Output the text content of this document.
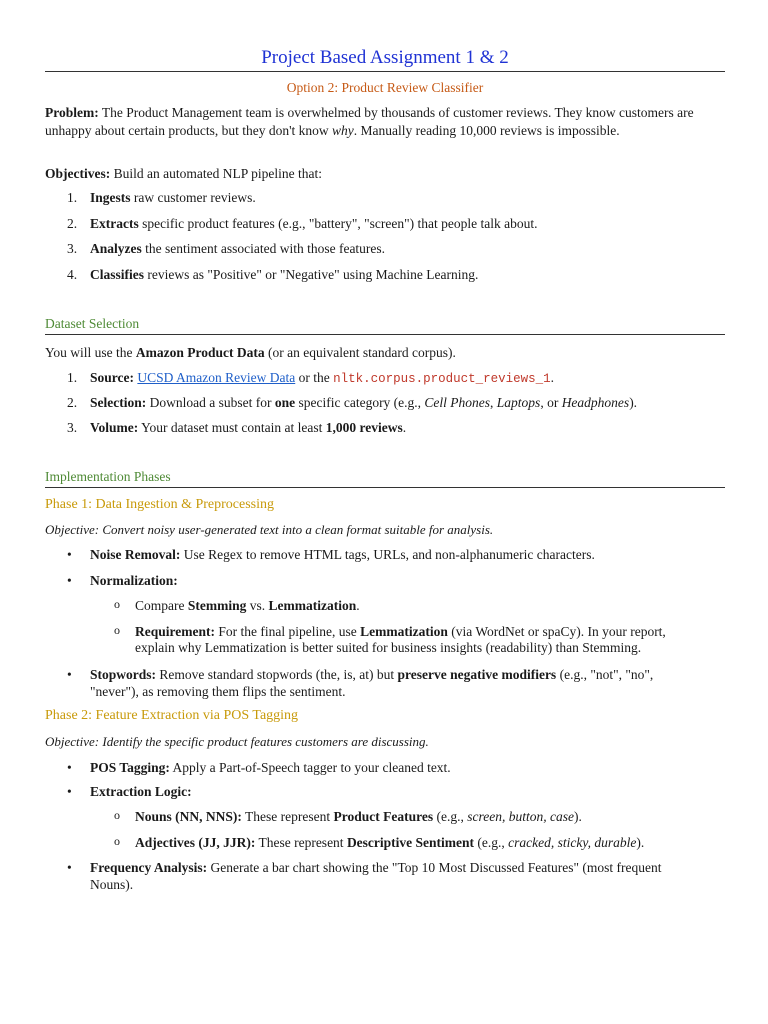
Project Based Assignment 1 & 2
Option 2: Product Review Classifier
Problem: The Product Management team is overwhelmed by thousands of customer reviews. They know customers are unhappy about certain products, but they don't know why. Manually reading 10,000 reviews is impossible.
Objectives: Build an automated NLP pipeline that:
1. Ingests raw customer reviews.
2. Extracts specific product features (e.g., "battery", "screen") that people talk about.
3. Analyzes the sentiment associated with those features.
4. Classifies reviews as "Positive" or "Negative" using Machine Learning.
Dataset Selection
You will use the Amazon Product Data (or an equivalent standard corpus).
1. Source: UCSD Amazon Review Data or the nltk.corpus.product_reviews_1.
2. Selection: Download a subset for one specific category (e.g., Cell Phones, Laptops, or Headphones).
3. Volume: Your dataset must contain at least 1,000 reviews.
Implementation Phases
Phase 1: Data Ingestion & Preprocessing
Objective: Convert noisy user-generated text into a clean format suitable for analysis.
• Noise Removal: Use Regex to remove HTML tags, URLs, and non-alphanumeric characters.
• Normalization:
o Compare Stemming vs. Lemmatization.
o Requirement: For the final pipeline, use Lemmatization (via WordNet or spaCy). In your report,
explain why Lemmatization is better suited for business insights (readability) than Stemming.
• Stopwords: Remove standard stopwords (the, is, at) but preserve negative modifiers (e.g., "not", "no",
"never"), as removing them flips the sentiment.
Phase 2: Feature Extraction via POS Tagging
Objective: Identify the specific product features customers are discussing.
• POS Tagging: Apply a Part-of-Speech tagger to your cleaned text.
• Extraction Logic:
o Nouns (NN, NNS): These represent Product Features (e.g., screen, button, case).
o Adjectives (JJ, JJR): These represent Descriptive Sentiment (e.g., cracked, sticky, durable).
• Frequency Analysis: Generate a bar chart showing the "Top 10 Most Discussed Features" (most frequent
Nouns).
